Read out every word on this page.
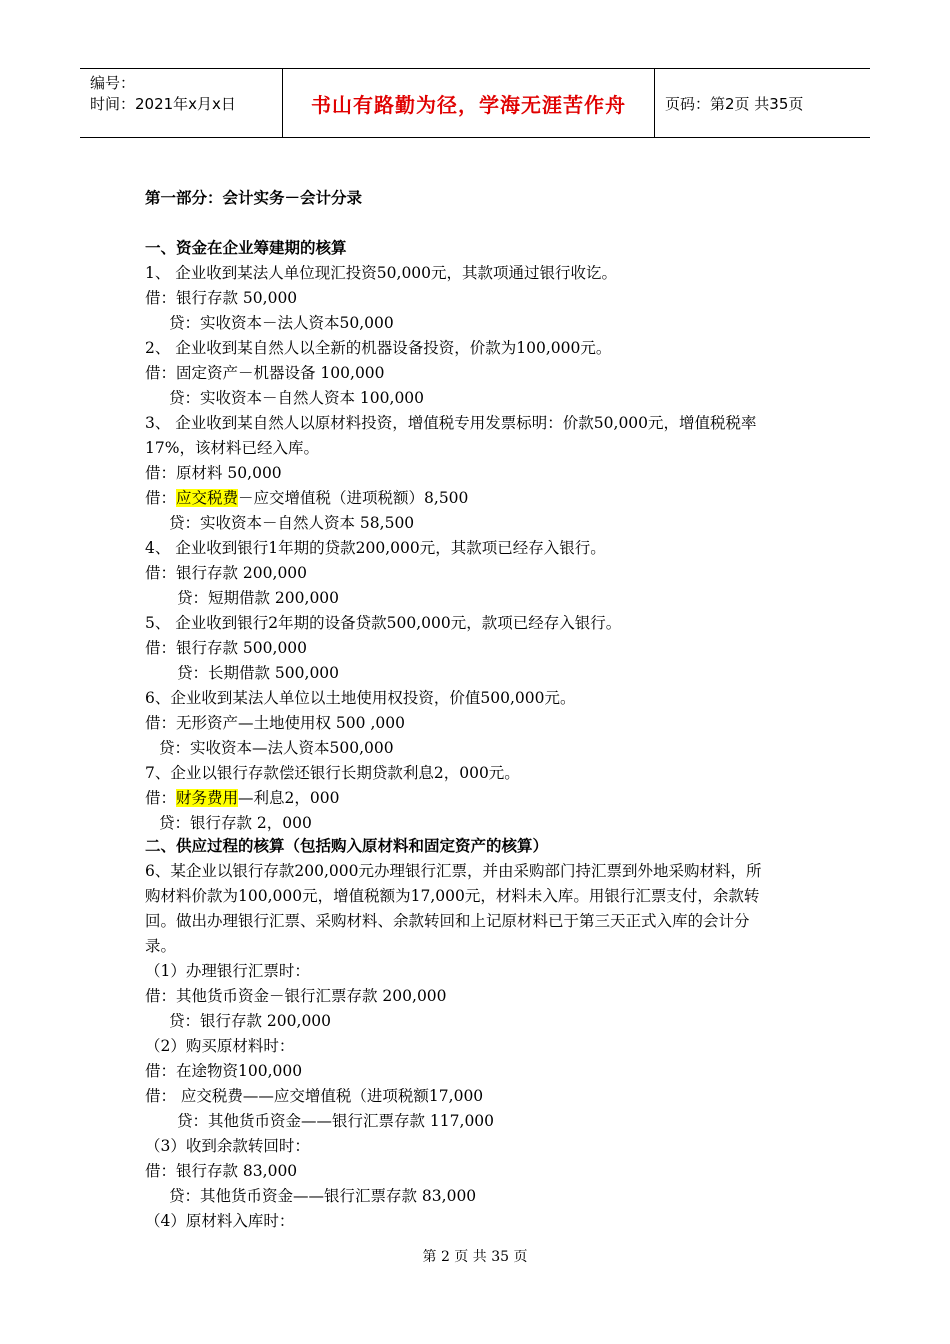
编号：
时间：2021年x月x日	书山有路勤为径，学海无涯苦作舟	页码：第2页 共35页
第一部分：会计实务－会计分录
一、资金在企业筹建期的核算
1、 企业收到某法人单位现汇投资50,000元，其款项通过银行收讫。
借：银行存款 50,000
贷：实收资本－法人资本50,000
2、 企业收到某自然人以全新的机器设备投资，价款为100,000元。
借：固定资产－机器设备 100,000
贷：实收资本－自然人资本 100,000
3、 企业收到某自然人以原材料投资，增值税专用发票标明：价款50,000元，增值税税率
17%，该材料已经入库。
借：原材料 50,000
借：应交税费－应交增值税（进项税额）8,500
贷：实收资本－自然人资本 58,500
4、 企业收到银行1年期的贷款200,000元，其款项已经存入银行。
借：银行存款 200,000
贷：短期借款 200,000
5、 企业收到银行2年期的设备贷款500,000元，款项已经存入银行。
借：银行存款 500,000
贷：长期借款 500,000
6、企业收到某法人单位以土地使用权投资，价值500,000元。
借：无形资产—土地使用权 500 ,000
贷：实收资本—法人资本500,000
7、企业以银行存款偿还银行长期贷款利息2，000元。
借：财务费用—利息2，000
贷：银行存款 2，000
二、供应过程的核算（包括购入原材料和固定资产的核算）
6、某企业以银行存款200,000元办理银行汇票，并由采购部门持汇票到外地采购材料，所
购材料价款为100,000元，增值税额为17,000元，材料未入库。用银行汇票支付，余款转
回。做出办理银行汇票、采购材料、余款转回和上记原材料已于第三天正式入库的会计分
录。
（1）办理银行汇票时：
借：其他货币资金－银行汇票存款 200,000
贷：银行存款 200,000
（2）购买原材料时：
借：在途物资100,000
借： 应交税费——应交增值税（进项税额17,000
贷：其他货币资金——银行汇票存款 117,000
（3）收到余款转回时：
借：银行存款 83,000
贷：其他货币资金——银行汇票存款 83,000
（4）原材料入库时：
第 2 页 共 35 页
